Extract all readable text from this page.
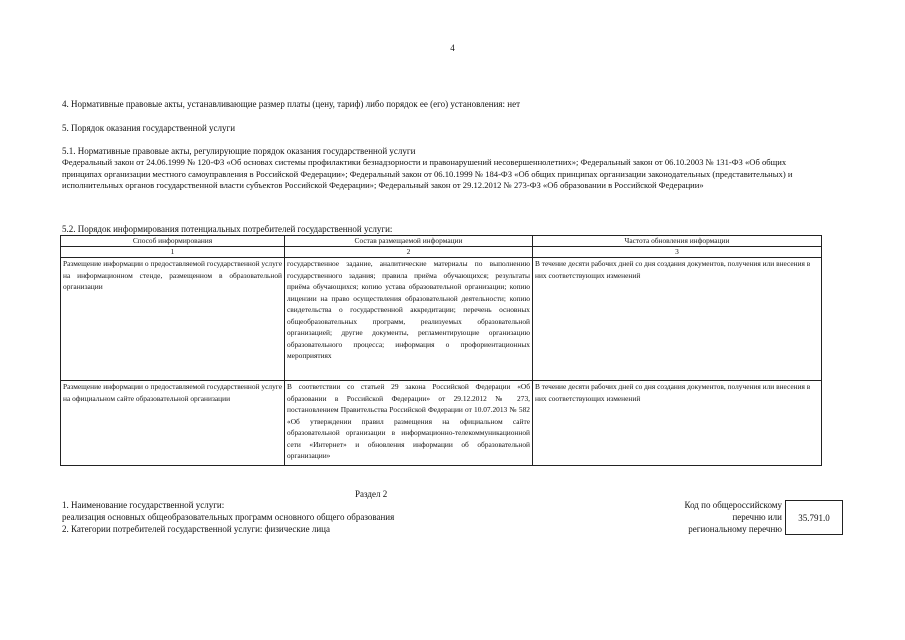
4
4. Нормативные правовые акты, устанавливающие размер платы (цену, тариф) либо порядок ее (его) установления: нет
5. Порядок оказания государственной услуги
5.1. Нормативные правовые акты, регулирующие порядок оказания государственной услуги
Федеральный закон от 24.06.1999 № 120-ФЗ «Об основах системы профилактики безнадзорности и правонарушений несовершеннолетних»; Федеральный закон от 06.10.2003 № 131-ФЗ «Об общих принципах организации местного самоуправления в Российской Федерации»; Федеральный закон от 06.10.1999 № 184-ФЗ «Об общих принципах организации законодательных (представительных) и исполнительных органов государственной власти субъектов Российской Федерации»; Федеральный закон от 29.12.2012 № 273-ФЗ «Об образовании в Российской Федерации»
5.2. Порядок информирования потенциальных потребителей государственной услуги:
Способ информирования	Состав размещаемой информации	Частота обновления информации
1	2	3
Размещение информации о предоставляемой государственной услуге на информационном стенде, размещенном в образовательной организации	государственное задание, аналитические материалы по выполнению государственного задания; правила приёма обучающихся; результаты приёма обучающихся; копию устава образовательной организации; копию лицензии на право осуществления образовательной деятельности; копию свидетельства о государственной аккредитации; перечень основных общеобразовательных программ, реализуемых образовательной организацией; другие документы, регламентирующие организацию образовательного процесса; информация о профориентационных мероприятиях	В течение десяти рабочих дней со дня создания документов, получения или внесения в них соответствующих изменений
Размещение информации о предоставляемой государственной услуге на официальном сайте образовательной организации	В соответствии со статьей 29 закона Российской Федерации «Об образовании в Российской Федерации» от 29.12.2012 № 273, постановлением Правительства Российской Федерации от 10.07.2013 № 582 «Об утверждении правил размещения на официальном сайте образовательной организации в информационно-телекоммуникационной сети «Интернет» и обновления информации об образовательной организации»	В течение десяти рабочих дней со дня создания документов, получения или внесения в них соответствующих изменений
Раздел 2
1. Наименование государственной услуги:
реализация основных общеобразовательных программ основного общего образования
2. Категории потребителей государственной услуги: физические лица
Код по общероссийскому
перечню или
региональному перечню
35.791.0
